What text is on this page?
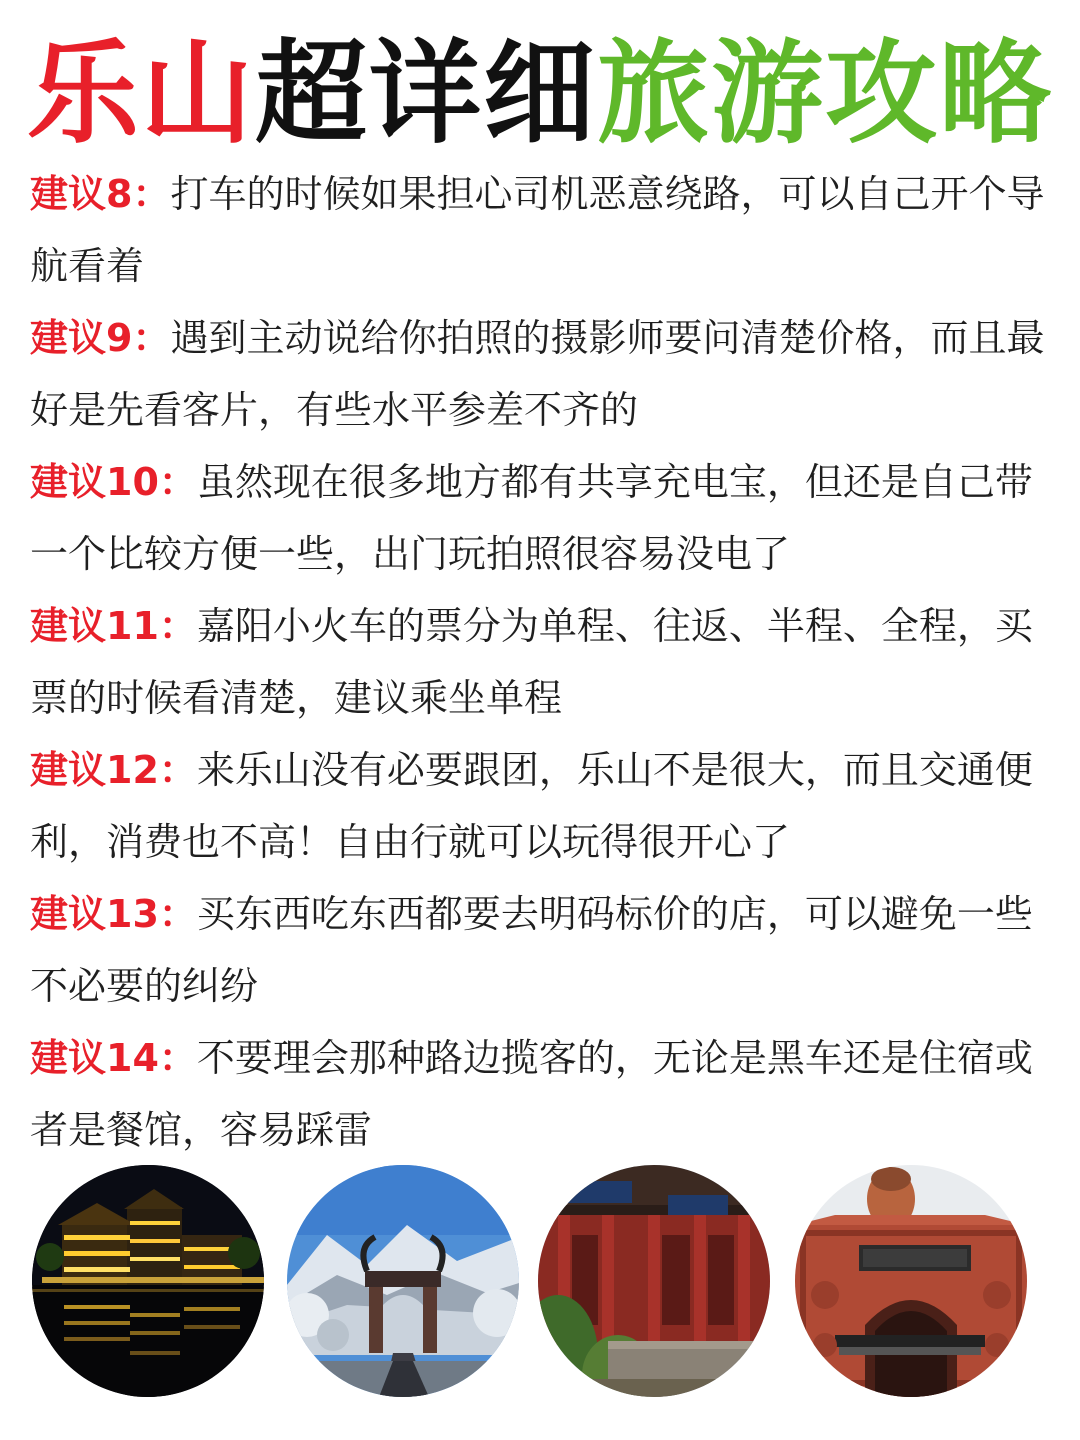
乐山超详细旅游攻略

建议8：打车的时候如果担心司机恶意绕路，可以自己开个导航看着

建议9：遇到主动说给你拍照的摄影师要问清楚价格，而且最好是先看客片，有些水平参差不齐的

建议10：虽然现在很多地方都有共享充电宝，但还是自己带一个比较方便一些，出门玩拍照很容易没电了

建议11：嘉阳小火车的票分为单程、往返、半程、全程，买票的时候看清楚，建议乘坐单程

建议12：来乐山没有必要跟团，乐山不是很大，而且交通便利，消费也不高！自由行就可以玩得很开心了

建议13：买东西吃东西都要去明码标价的店，可以避免一些不必要的纠纷

建议14：不要理会那种路边揽客的，无论是黑车还是住宿或者是餐馆，容易踩雷
